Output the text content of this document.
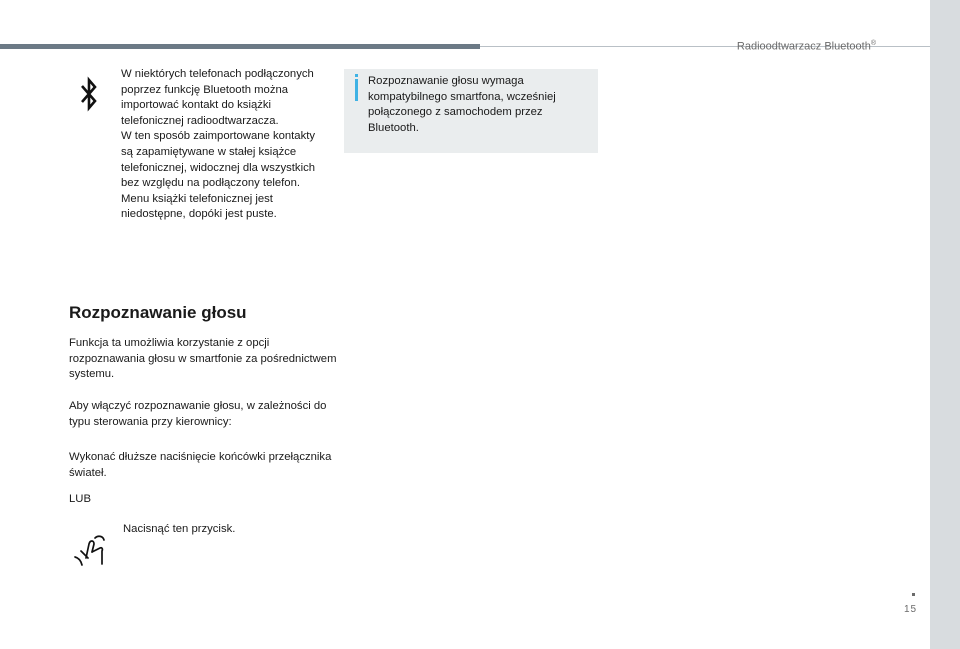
Radioodtwarzacz Bluetooth®

W niektórych telefonach podłączonych poprzez funkcję Bluetooth można importować kontakt do książki telefonicznej radioodtwarzacza.

W ten sposób zaimportowane kontakty są zapamiętywane w stałej książce telefonicznej, widocznej dla wszystkich bez względu na podłączony telefon.

Menu książki telefonicznej jest niedostępne, dopóki jest puste.

Rozpoznawanie głosu wymaga kompatybilnego smartfona, wcześniej połączonego z samochodem przez Bluetooth.
Rozpoznawanie głosu

Funkcja ta umożliwia korzystanie z opcji rozpoznawania głosu w smartfonie za pośrednictwem systemu.

Aby włączyć rozpoznawanie głosu, w zależności do typu sterowania przy kierownicy:

Wykonać dłuższe naciśnięcie końcówki przełącznika świateł.

LUB

Nacisnąć ten przycisk.

15
